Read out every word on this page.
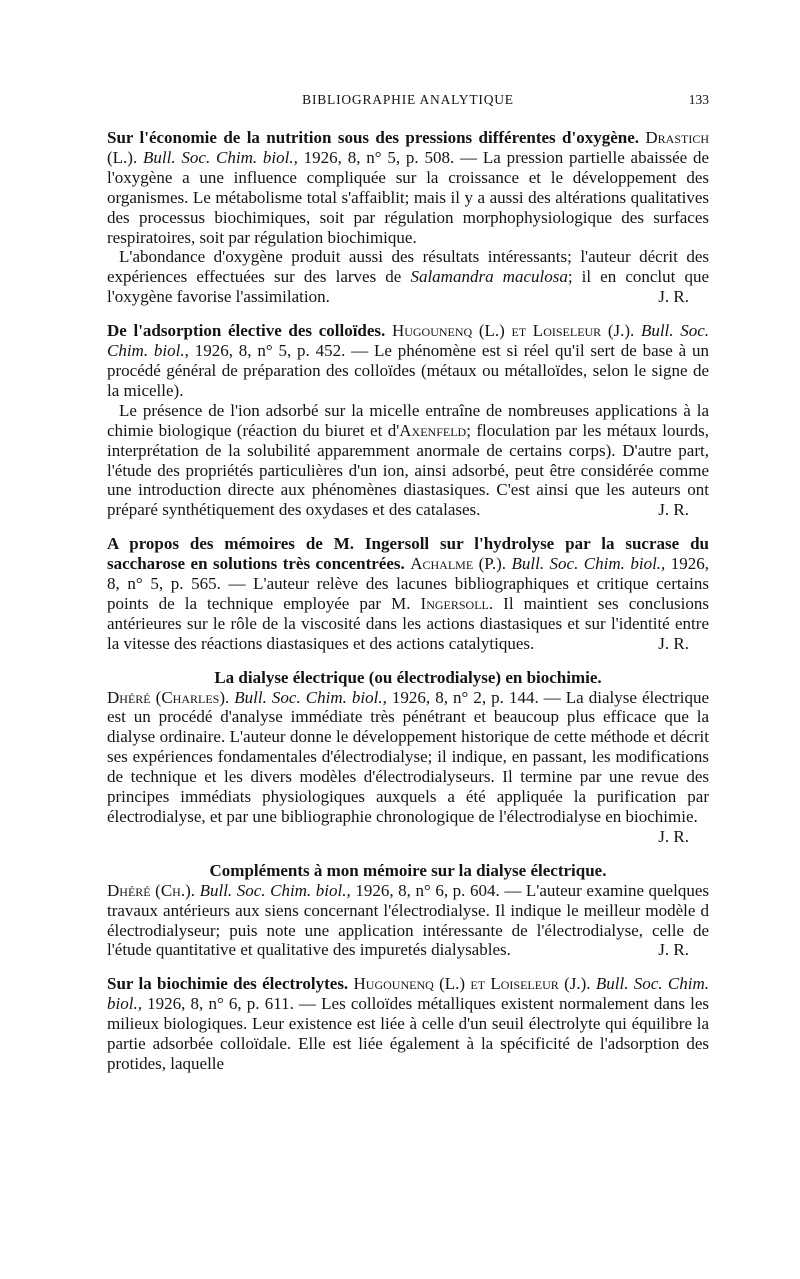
BIBLIOGRAPHIE ANALYTIQUE	133

Sur l'économie de la nutrition sous des pressions différentes d'oxygène. Drastich (L.). Bull. Soc. Chim. biol., 1926, 8, n° 5, p. 508. — La pression partielle abaissée de l'oxygène a une influence compliquée sur la croissance et le développement des organismes. Le métabolisme total s'affaiblit; mais il y a aussi des altérations qualitatives des processus biochimiques, soit par régulation morphophysiologique des surfaces respiratoires, soit par régulation biochimique.

L'abondance d'oxygène produit aussi des résultats intéressants; l'auteur décrit des expériences effectuées sur des larves de Salamandra maculosa; il en conclut que l'oxygène favorise l'assimilation.	J. R.

De l'adsorption élective des colloïdes. Hugounenq (L.) et Loiseleur (J.). Bull. Soc. Chim. biol., 1926, 8, n° 5, p. 452. — Le phénomène est si réel qu'il sert de base à un procédé général de préparation des colloïdes (métaux ou métalloïdes, selon le signe de la micelle).

Le présence de l'ion adsorbé sur la micelle entraîne de nombreuses applications à la chimie biologique (réaction du biuret et d'Axenfeld; floculation par les métaux lourds, interprétation de la solubilité apparemment anormale de certains corps). D'autre part, l'étude des propriétés particulières d'un ion, ainsi adsorbé, peut être considérée comme une introduction directe aux phénomènes diastasiques. C'est ainsi que les auteurs ont préparé synthétiquement des oxydases et des catalases.	J. R.

A propos des mémoires de M. Ingersoll sur l'hydrolyse par la sucrase du saccharose en solutions très concentrées. Achalme (P.). Bull. Soc. Chim. biol., 1926, 8, n° 5, p. 565. — L'auteur relève des lacunes bibliographiques et critique certains points de la technique employée par M. Ingersoll. Il maintient ses conclusions antérieures sur le rôle de la viscosité dans les actions diastasiques et sur l'identité entre la vitesse des réactions diastasiques et des actions catalytiques.	J. R.

La dialyse électrique (ou électrodialyse) en biochimie.
Dhéré (Charles). Bull. Soc. Chim. biol., 1926, 8, n° 2, p. 144. — La dialyse électrique est un procédé d'analyse immédiate très pénétrant et beaucoup plus efficace que la dialyse ordinaire. L'auteur donne le développement historique de cette méthode et décrit ses expériences fondamentales d'électrodialyse; il indique, en passant, les modifications de technique et les divers modèles d'électrodialyseurs. Il termine par une revue des principes immédiats physiologiques auxquels a été appliquée la purification par électrodialyse, et par une bibliographie chronologique de l'électrodialyse en biochimie.
J. R.

Compléments à mon mémoire sur la dialyse électrique.
Dhéré (Ch.). Bull. Soc. Chim. biol., 1926, 8, n° 6, p. 604. — L'auteur examine quelques travaux antérieurs aux siens concernant l'électrodialyse. Il indique le meilleur modèle d électrodialyseur; puis note une application intéressante de l'électrodialyse, celle de l'étude quantitative et qualitative des impuretés dialysables.	J. R.

Sur la biochimie des électrolytes. Hugounenq (L.) et Loiseleur (J.). Bull. Soc. Chim. biol., 1926, 8, n° 6, p. 611. — Les colloïdes métalliques existent normalement dans les milieux biologiques. Leur existence est liée à celle d'un seuil électrolyte qui équilibre la partie adsorbée colloïdale. Elle est liée également à la spécificité de l'adsorption des protides, laquelle
